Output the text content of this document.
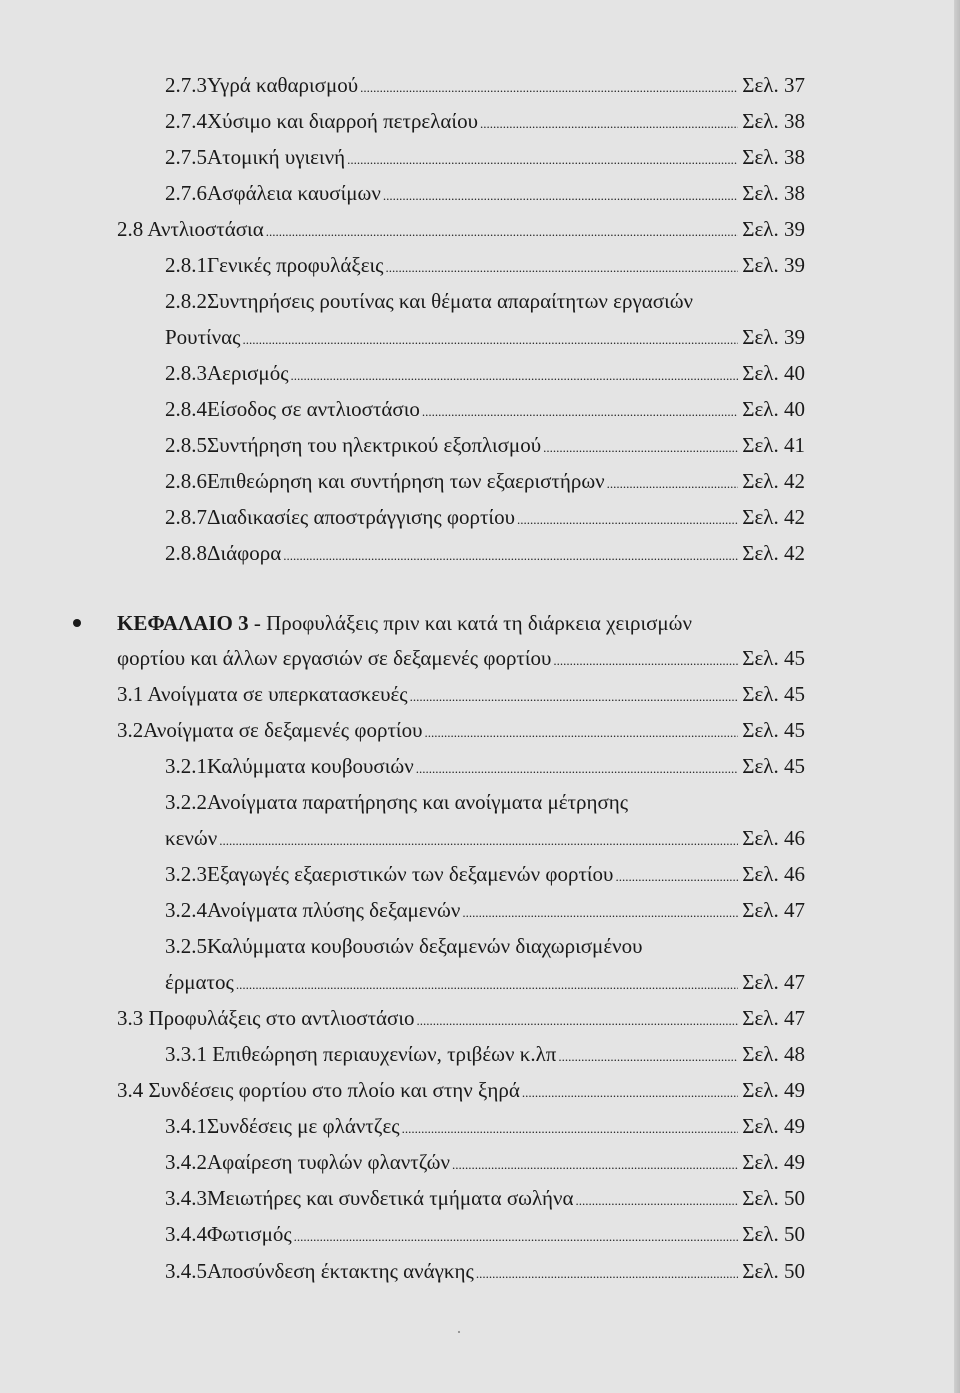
2.7.3Υγρά καθαρισμού .....	Σελ. 37
2.7.4Χύσιμο και διαρροή πετρελαίου .....	Σελ. 38
2.7.5Ατομική υγιεινή .....	Σελ. 38
2.7.6Ασφάλεια καυσίμων .....	Σελ. 38
2.8 Αντλιοστάσια .....	Σελ. 39
2.8.1Γενικές προφυλάξεις .....	Σελ. 39
2.8.2Συντηρήσεις ρουτίνας και θέματα απαραίτητων εργασιών
Ρουτίνας .....	Σελ. 39
2.8.3Αερισμός .....	Σελ. 40
2.8.4Είσοδος σε αντλιοστάσιο .....	Σελ. 40
2.8.5Συντήρηση του ηλεκτρικού εξοπλισμού .....	Σελ. 41
2.8.6Επιθεώρηση και συντήρηση των εξαεριστήρων .....	Σελ. 42
2.8.7Διαδικασίες αποστράγγισης φορτίου .....	Σελ. 42
2.8.8Διάφορα .....	Σελ. 42
ΚΕΦΑΛΑΙΟ 3 - Προφυλάξεις πριν και κατά τη διάρκεια χειρισμών
φορτίου και άλλων εργασιών σε δεξαμενές φορτίου .....	Σελ. 45
3.1 Ανοίγματα σε υπερκατασκευές .....	Σελ. 45
3.2Ανοίγματα σε δεξαμενές φορτίου .....	Σελ. 45
3.2.1Καλύμματα κουβουσιών .....	Σελ. 45
3.2.2Ανοίγματα παρατήρησης και ανοίγματα μέτρησης
κενών .....	Σελ. 46
3.2.3Εξαγωγές εξαεριστικών των δεξαμενών φορτίου .....	Σελ. 46
3.2.4Ανοίγματα πλύσης δεξαμενών .....	Σελ. 47
3.2.5Καλύμματα κουβουσιών δεξαμενών διαχωρισμένου
έρματος .....	Σελ. 47
3.3 Προφυλάξεις στο αντλιοστάσιο .....	Σελ. 47
3.3.1 Επιθεώρηση περιαυχενίων, τριβέων κ.λπ .....	Σελ. 48
3.4 Συνδέσεις φορτίου στο πλοίο και στην ξηρά .....	Σελ. 49
3.4.1Συνδέσεις με φλάντζες .....	Σελ. 49
3.4.2Αφαίρεση τυφλών φλαντζών .....	Σελ. 49
3.4.3Μειωτήρες και συνδετικά τμήματα σωλήνα .....	Σελ. 50
3.4.4Φωτισμός .....	Σελ. 50
3.4.5Αποσύνδεση έκτακτης ανάγκης .....	Σελ. 50
·
